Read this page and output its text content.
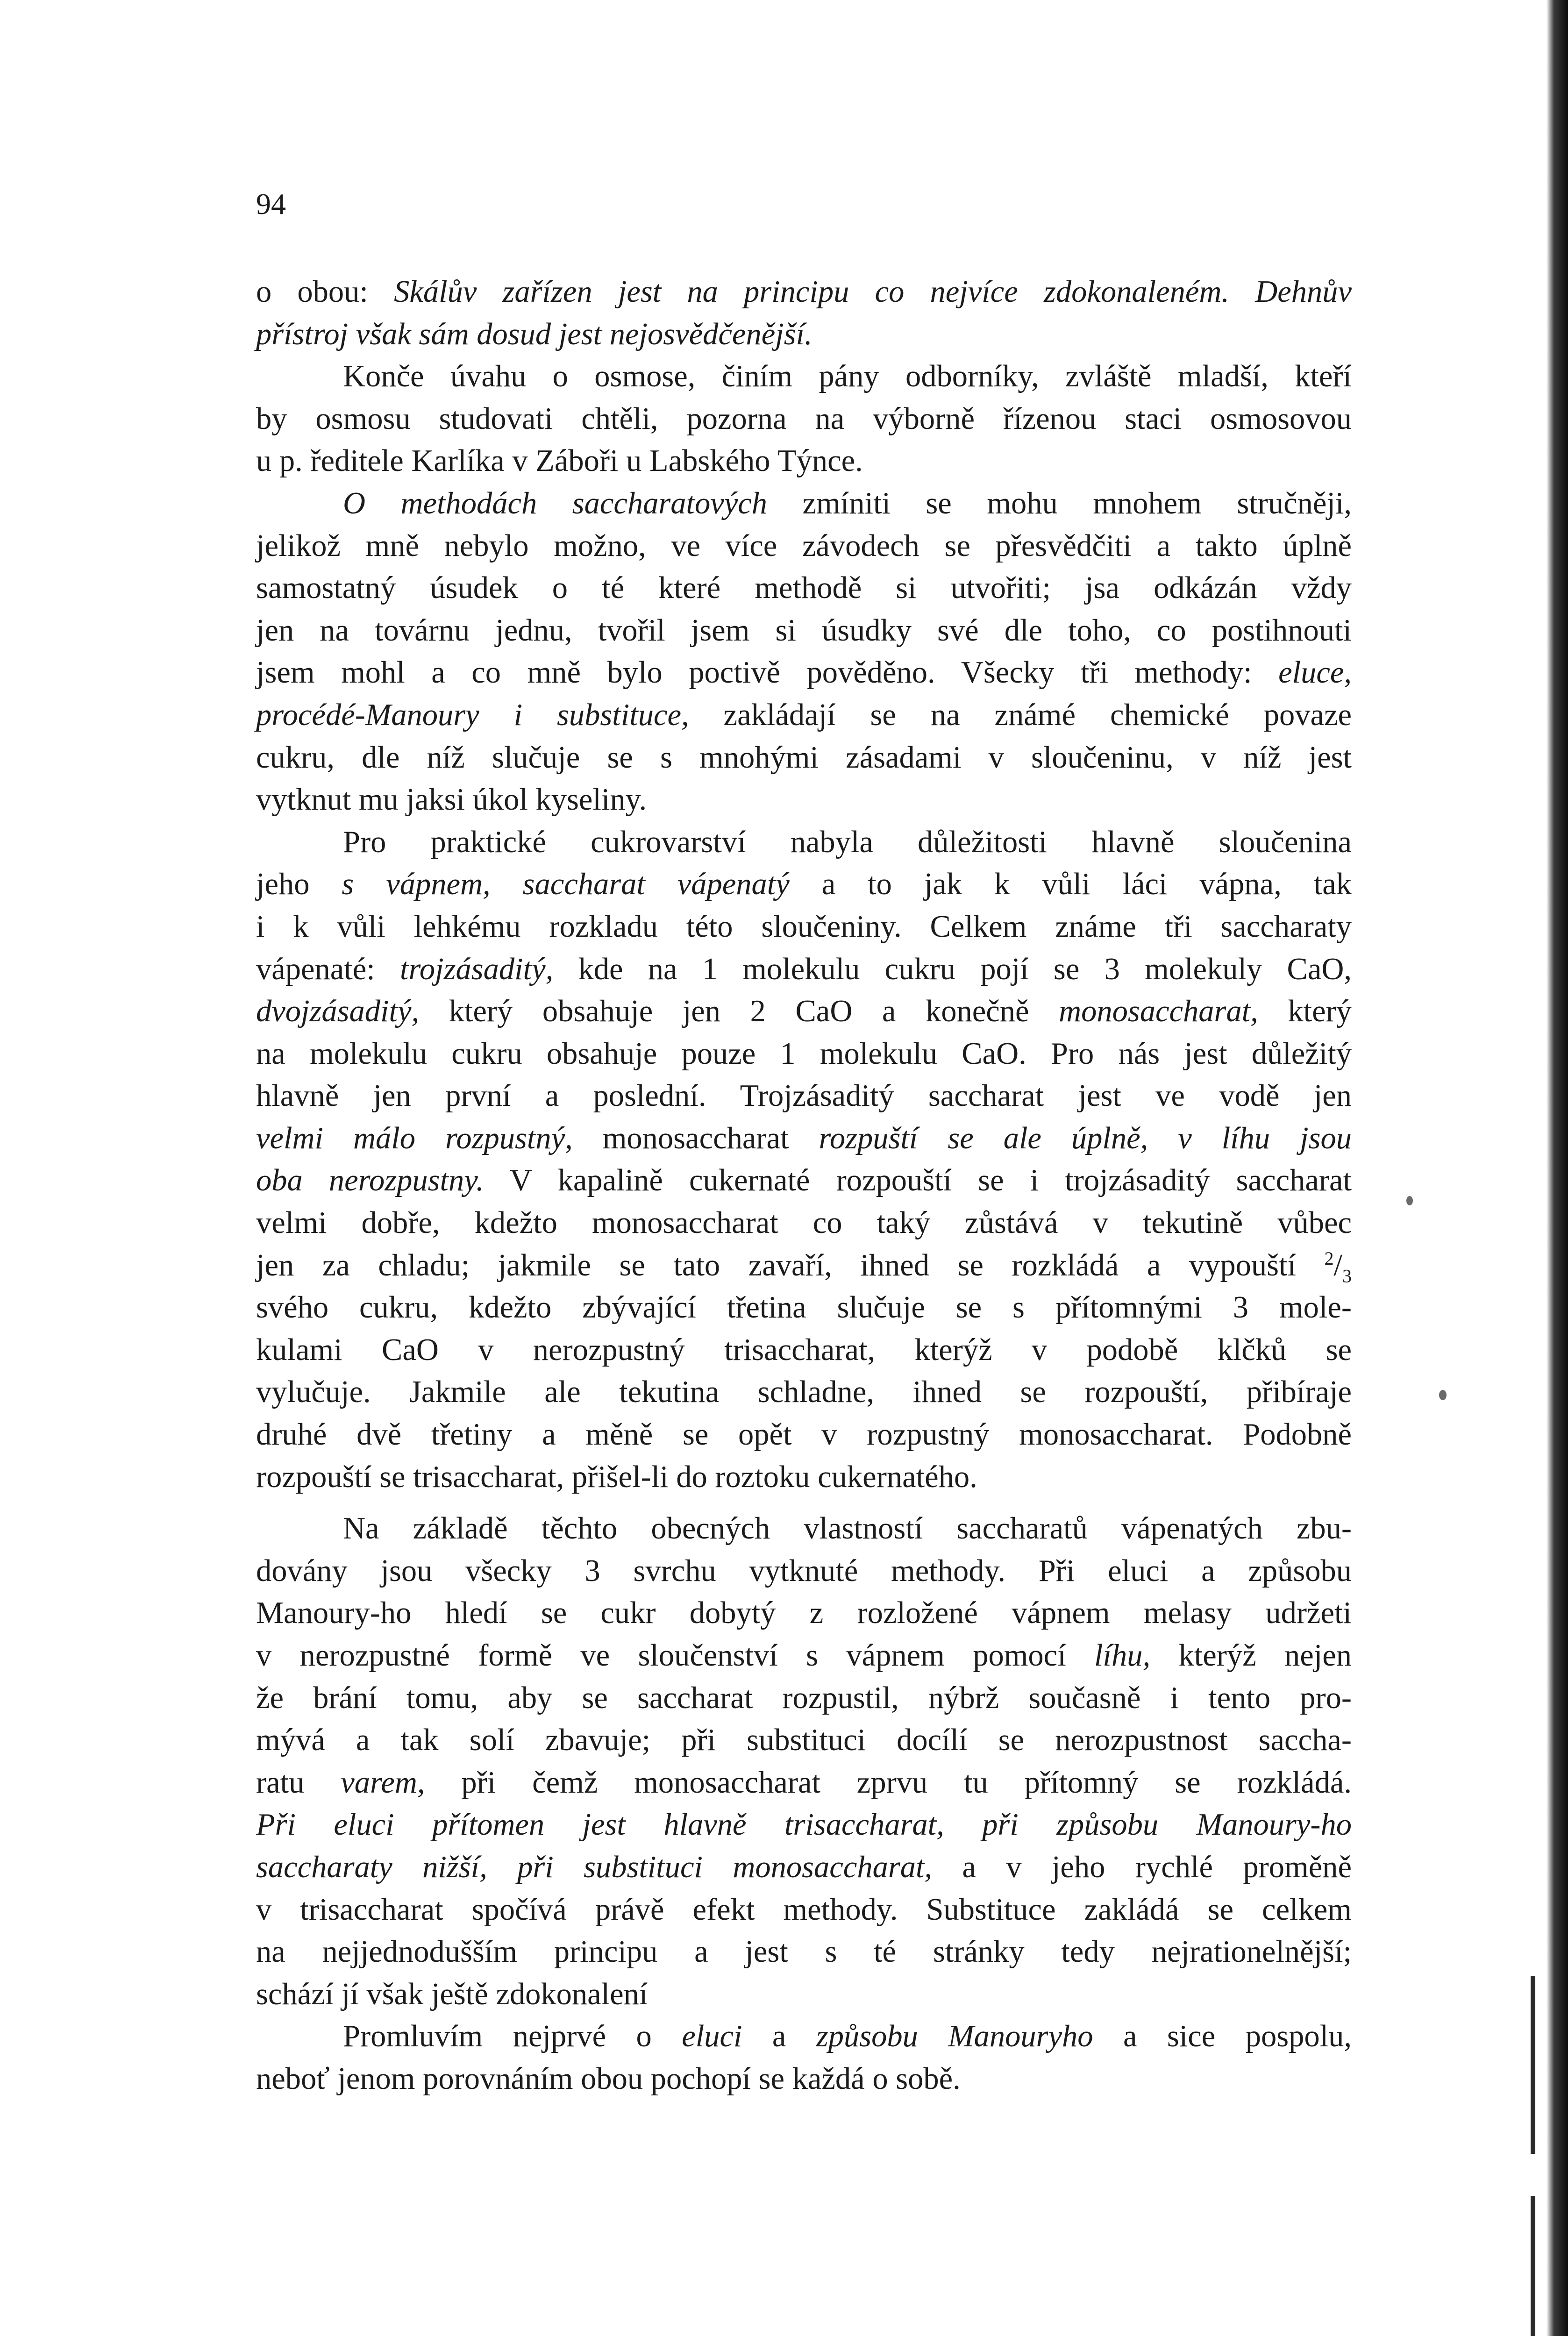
94
o obou: Skálův zařízen jest na principu co nejvíce zdokonaleném. Dehnův
přístroj však sám dosud jest nejosvědčenější.
Konče úvahu o osmose, činím pány odborníky, zvláště mladší, kteří
by osmosu studovati chtěli, pozorna na výborně řízenou staci osmosovou
u p. ředitele Karlíka v Záboři u Labského Týnce.
O methodách saccharatových zmíniti se mohu mnohem stručněji,
jelikož mně nebylo možno, ve více závodech se přesvědčiti a takto úplně
samostatný úsudek o té které methodě si utvořiti; jsa odkázán vždy
jen na továrnu jednu, tvořil jsem si úsudky své dle toho, co postihnouti
jsem mohl a co mně bylo poctivě pověděno. Všecky tři methody: eluce,
procédé-Manoury i substituce, zakládají se na známé chemické povaze
cukru, dle níž slučuje se s mnohými zásadami v sloučeninu, v níž jest
vytknut mu jaksi úkol kyseliny.
Pro praktické cukrovarství nabyla důležitosti hlavně sloučenina
jeho s vápnem, saccharat vápenatý a to jak k vůli láci vápna, tak
i k vůli lehkému rozkladu této sloučeniny. Celkem známe tři saccharaty
vápenaté: trojzásaditý, kde na 1 molekulu cukru pojí se 3 molekuly CaO,
dvojzásaditý, který obsahuje jen 2 CaO a konečně monosaccharat, který
na molekulu cukru obsahuje pouze 1 molekulu CaO. Pro nás jest důležitý
hlavně jen první a poslední. Trojzásaditý saccharat jest ve vodě jen
velmi málo rozpustný, monosaccharat rozpuští se ale úplně, v líhu jsou
oba nerozpustny. V kapalině cukernaté rozpouští se i trojzásaditý saccharat
velmi dobře, kdežto monosaccharat co taký zůstává v tekutině vůbec
jen za chladu; jakmile se tato zavaří, ihned se rozkládá a vypouští $^2/_3$
svého cukru, kdežto zbývající třetina slučuje se s přítomnými 3 mole-
kulami CaO v nerozpustný trisaccharat, kterýž v podobě klčků se
vylučuje. Jakmile ale tekutina schladne, ihned se rozpouští, přibíraje
druhé dvě třetiny a měně se opět v rozpustný monosaccharat. Podobně
rozpouští se trisaccharat, přišel-li do roztoku cukernatého.
Na základě těchto obecných vlastností saccharatů vápenatých zbu-
dovány jsou všecky 3 svrchu vytknuté methody. Při eluci a způsobu
Manoury-ho hledí se cukr dobytý z rozložené vápnem melasy udržeti
v nerozpustné formě ve sloučenství s vápnem pomocí líhu, kterýž nejen
že brání tomu, aby se saccharat rozpustil, nýbrž současně i tento pro-
mývá a tak solí zbavuje; při substituci docílí se nerozpustnost saccha-
ratu varem, při čemž monosaccharat zprvu tu přítomný se rozkládá.
Při eluci přítomen jest hlavně trisaccharat, při způsobu Manoury-ho
saccharaty nižší, při substituci monosaccharat, a v jeho rychlé proměně
v trisaccharat spočívá právě efekt methody. Substituce zakládá se celkem
na nejjednodušším principu a jest s té stránky tedy nejrationelnější;
schází jí však ještě zdokonalení
Promluvím nejprvé o eluci a způsobu Manouryho a sice pospolu,
neboť jenom porovnáním obou pochopí se každá o sobě.
